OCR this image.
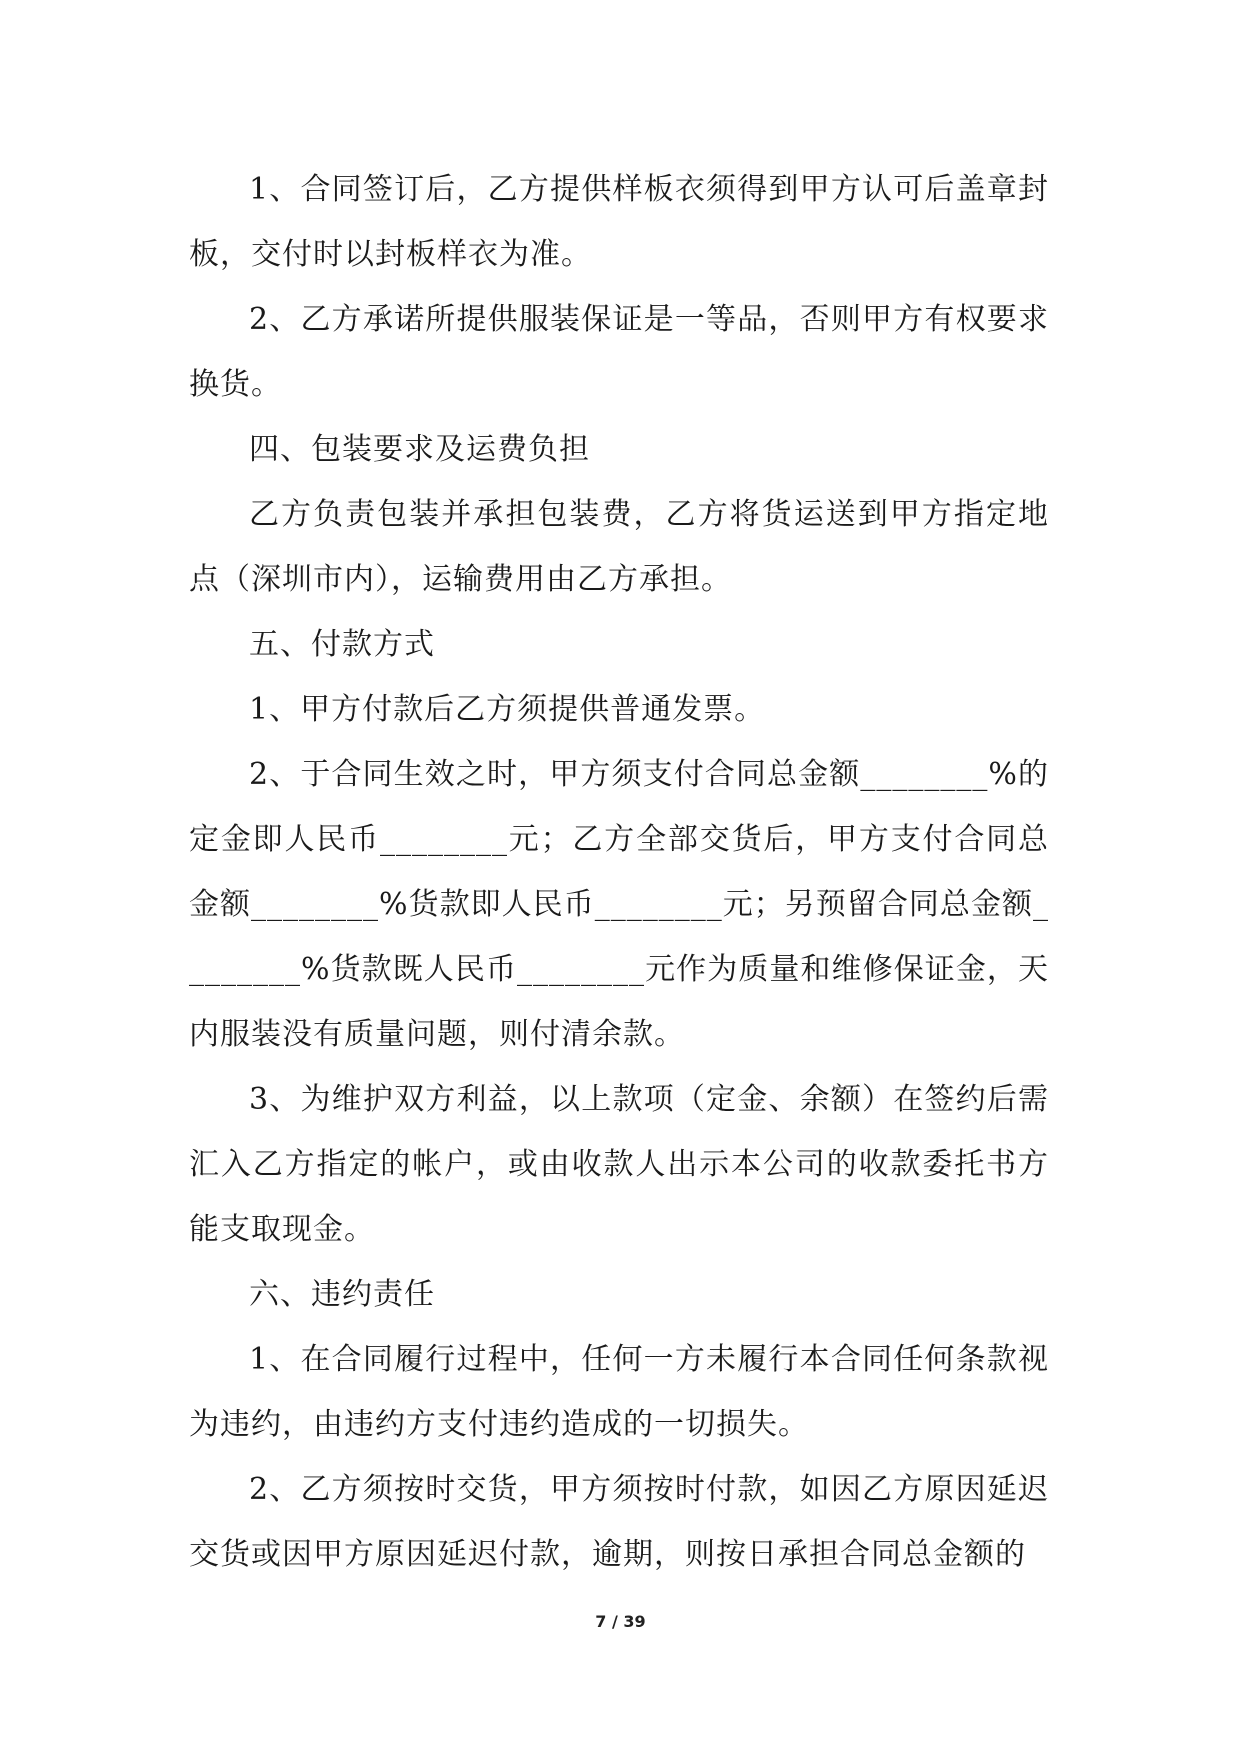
1、合同签订后，乙方提供样板衣须得到甲方认可后盖章封板，交付时以封板样衣为准。

2、乙方承诺所提供服装保证是一等品，否则甲方有权要求换货。

四、包装要求及运费负担

乙方负责包装并承担包装费，乙方将货运送到甲方指定地点（深圳市内），运输费用由乙方承担。

五、付款方式

1、甲方付款后乙方须提供普通发票。

2、于合同生效之时，甲方须支付合同总金额________%的定金即人民币________元；乙方全部交货后，甲方支付合同总金额________%货款即人民币________元；另预留合同总金额________%货款既人民币________元作为质量和维修保证金，天内服装没有质量问题，则付清余款。

3、为维护双方利益，以上款项（定金、余额）在签约后需汇入乙方指定的帐户，或由收款人出示本公司的收款委托书方能支取现金。

六、违约责任

1、在合同履行过程中，任何一方未履行本合同任何条款视为违约，由违约方支付违约造成的一切损失。

2、乙方须按时交货，甲方须按时付款，如因乙方原因延迟交货或因甲方原因延迟付款，逾期，则按日承担合同总金额的

7 / 39
